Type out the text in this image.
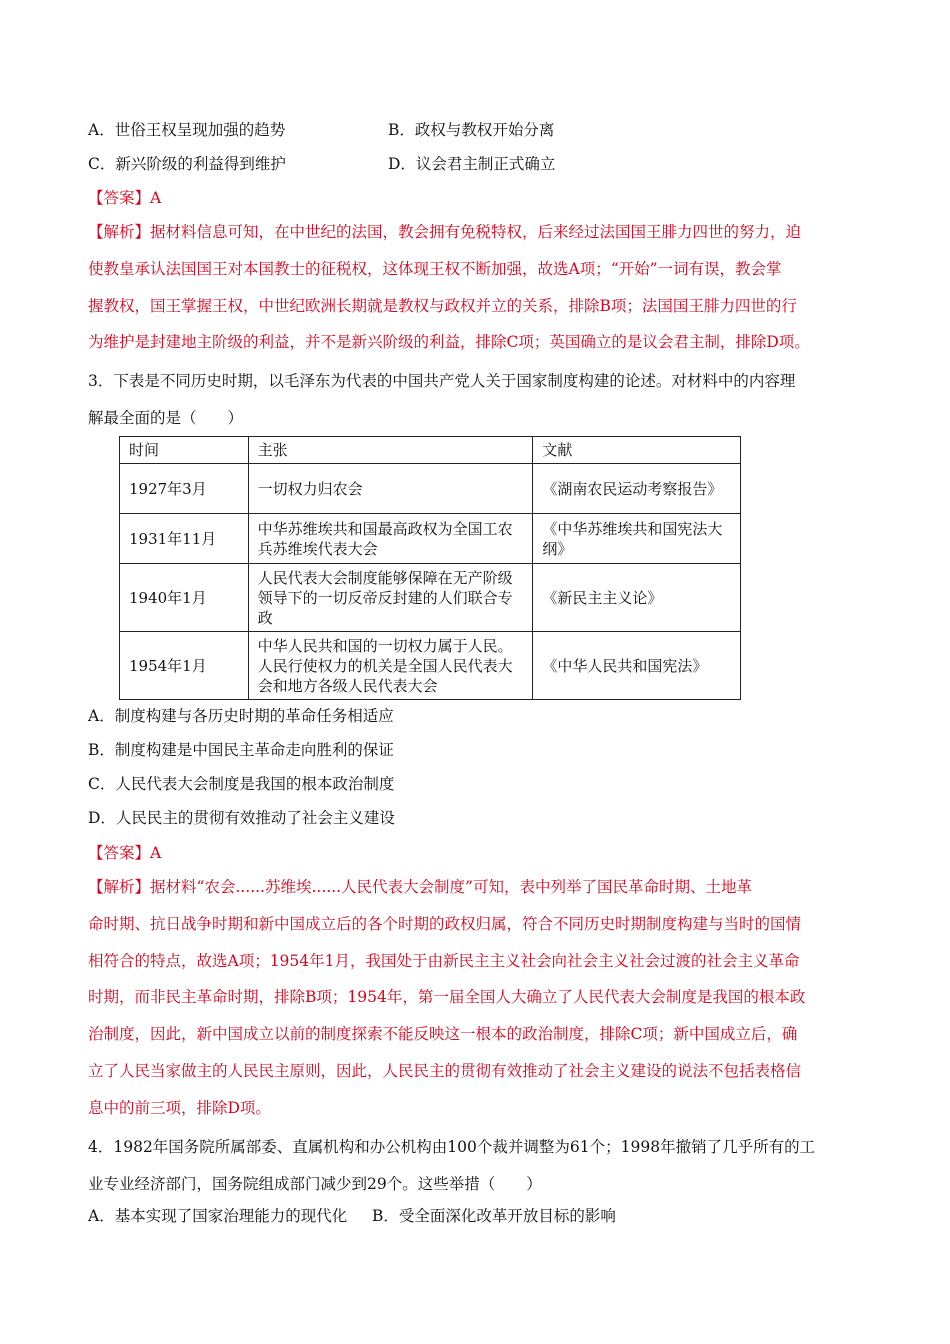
A．世俗王权呈现加强的趋势	B．政权与教权开始分离
C．新兴阶级的利益得到维护	D．议会君主制正式确立
【答案】A

【解析】据材料信息可知，在中世纪的法国，教会拥有免税特权，后来经过法国国王腓力四世的努力，迫

使教皇承认法国国王对本国教士的征税权，这体现王权不断加强，故选A项；“开始”一词有误，教会掌

握教权，国王掌握王权，中世纪欧洲长期就是教权与政权并立的关系，排除B项；法国国王腓力四世的行

为维护是封建地主阶级的利益，并不是新兴阶级的利益，排除C项；英国确立的是议会君主制，排除D项。

3．下表是不同历史时期，以毛泽东为代表的中国共产党人关于国家制度构建的论述。对材料中的内容理

解最全面的是（　　）

时间	主张	文献
1927年3月	一切权力归农会	《湖南农民运动考察报告》
1931年11月	中华苏维埃共和国最高政权为全国工农兵苏维埃代表大会	《中华苏维埃共和国宪法大纲》
1940年1月	人民代表大会制度能够保障在无产阶级领导下的一切反帝反封建的人们联合专政	《新民主主义论》
1954年1月	中华人民共和国的一切权力属于人民。人民行使权力的机关是全国人民代表大会和地方各级人民代表大会	《中华人民共和国宪法》
A．制度构建与各历史时期的革命任务相适应
B．制度构建是中国民主革命走向胜利的保证
C．人民代表大会制度是我国的根本政治制度
D．人民民主的贯彻有效推动了社会主义建设
【答案】A

【解析】据材料“农会......苏维埃......人民代表大会制度”可知，表中列举了国民革命时期、土地革

命时期、抗日战争时期和新中国成立后的各个时期的政权归属，符合不同历史时期制度构建与当时的国情

相符合的特点，故选A项；1954年1月，我国处于由新民主主义社会向社会主义社会过渡的社会主义革命

时期，而非民主革命时期，排除B项；1954年，第一届全国人大确立了人民代表大会制度是我国的根本政

治制度，因此，新中国成立以前的制度探索不能反映这一根本的政治制度，排除C项；新中国成立后，确

立了人民当家做主的人民民主原则，因此，人民民主的贯彻有效推动了社会主义建设的说法不包括表格信

息中的前三项，排除D项。

4．1982年国务院所属部委、直属机构和办公机构由100个裁并调整为61个；1998年撤销了几乎所有的工

业专业经济部门，国务院组成部门减少到29个。这些举措（　　）

A．基本实现了国家治理能力的现代化 B．受全面深化改革开放目标的影响
